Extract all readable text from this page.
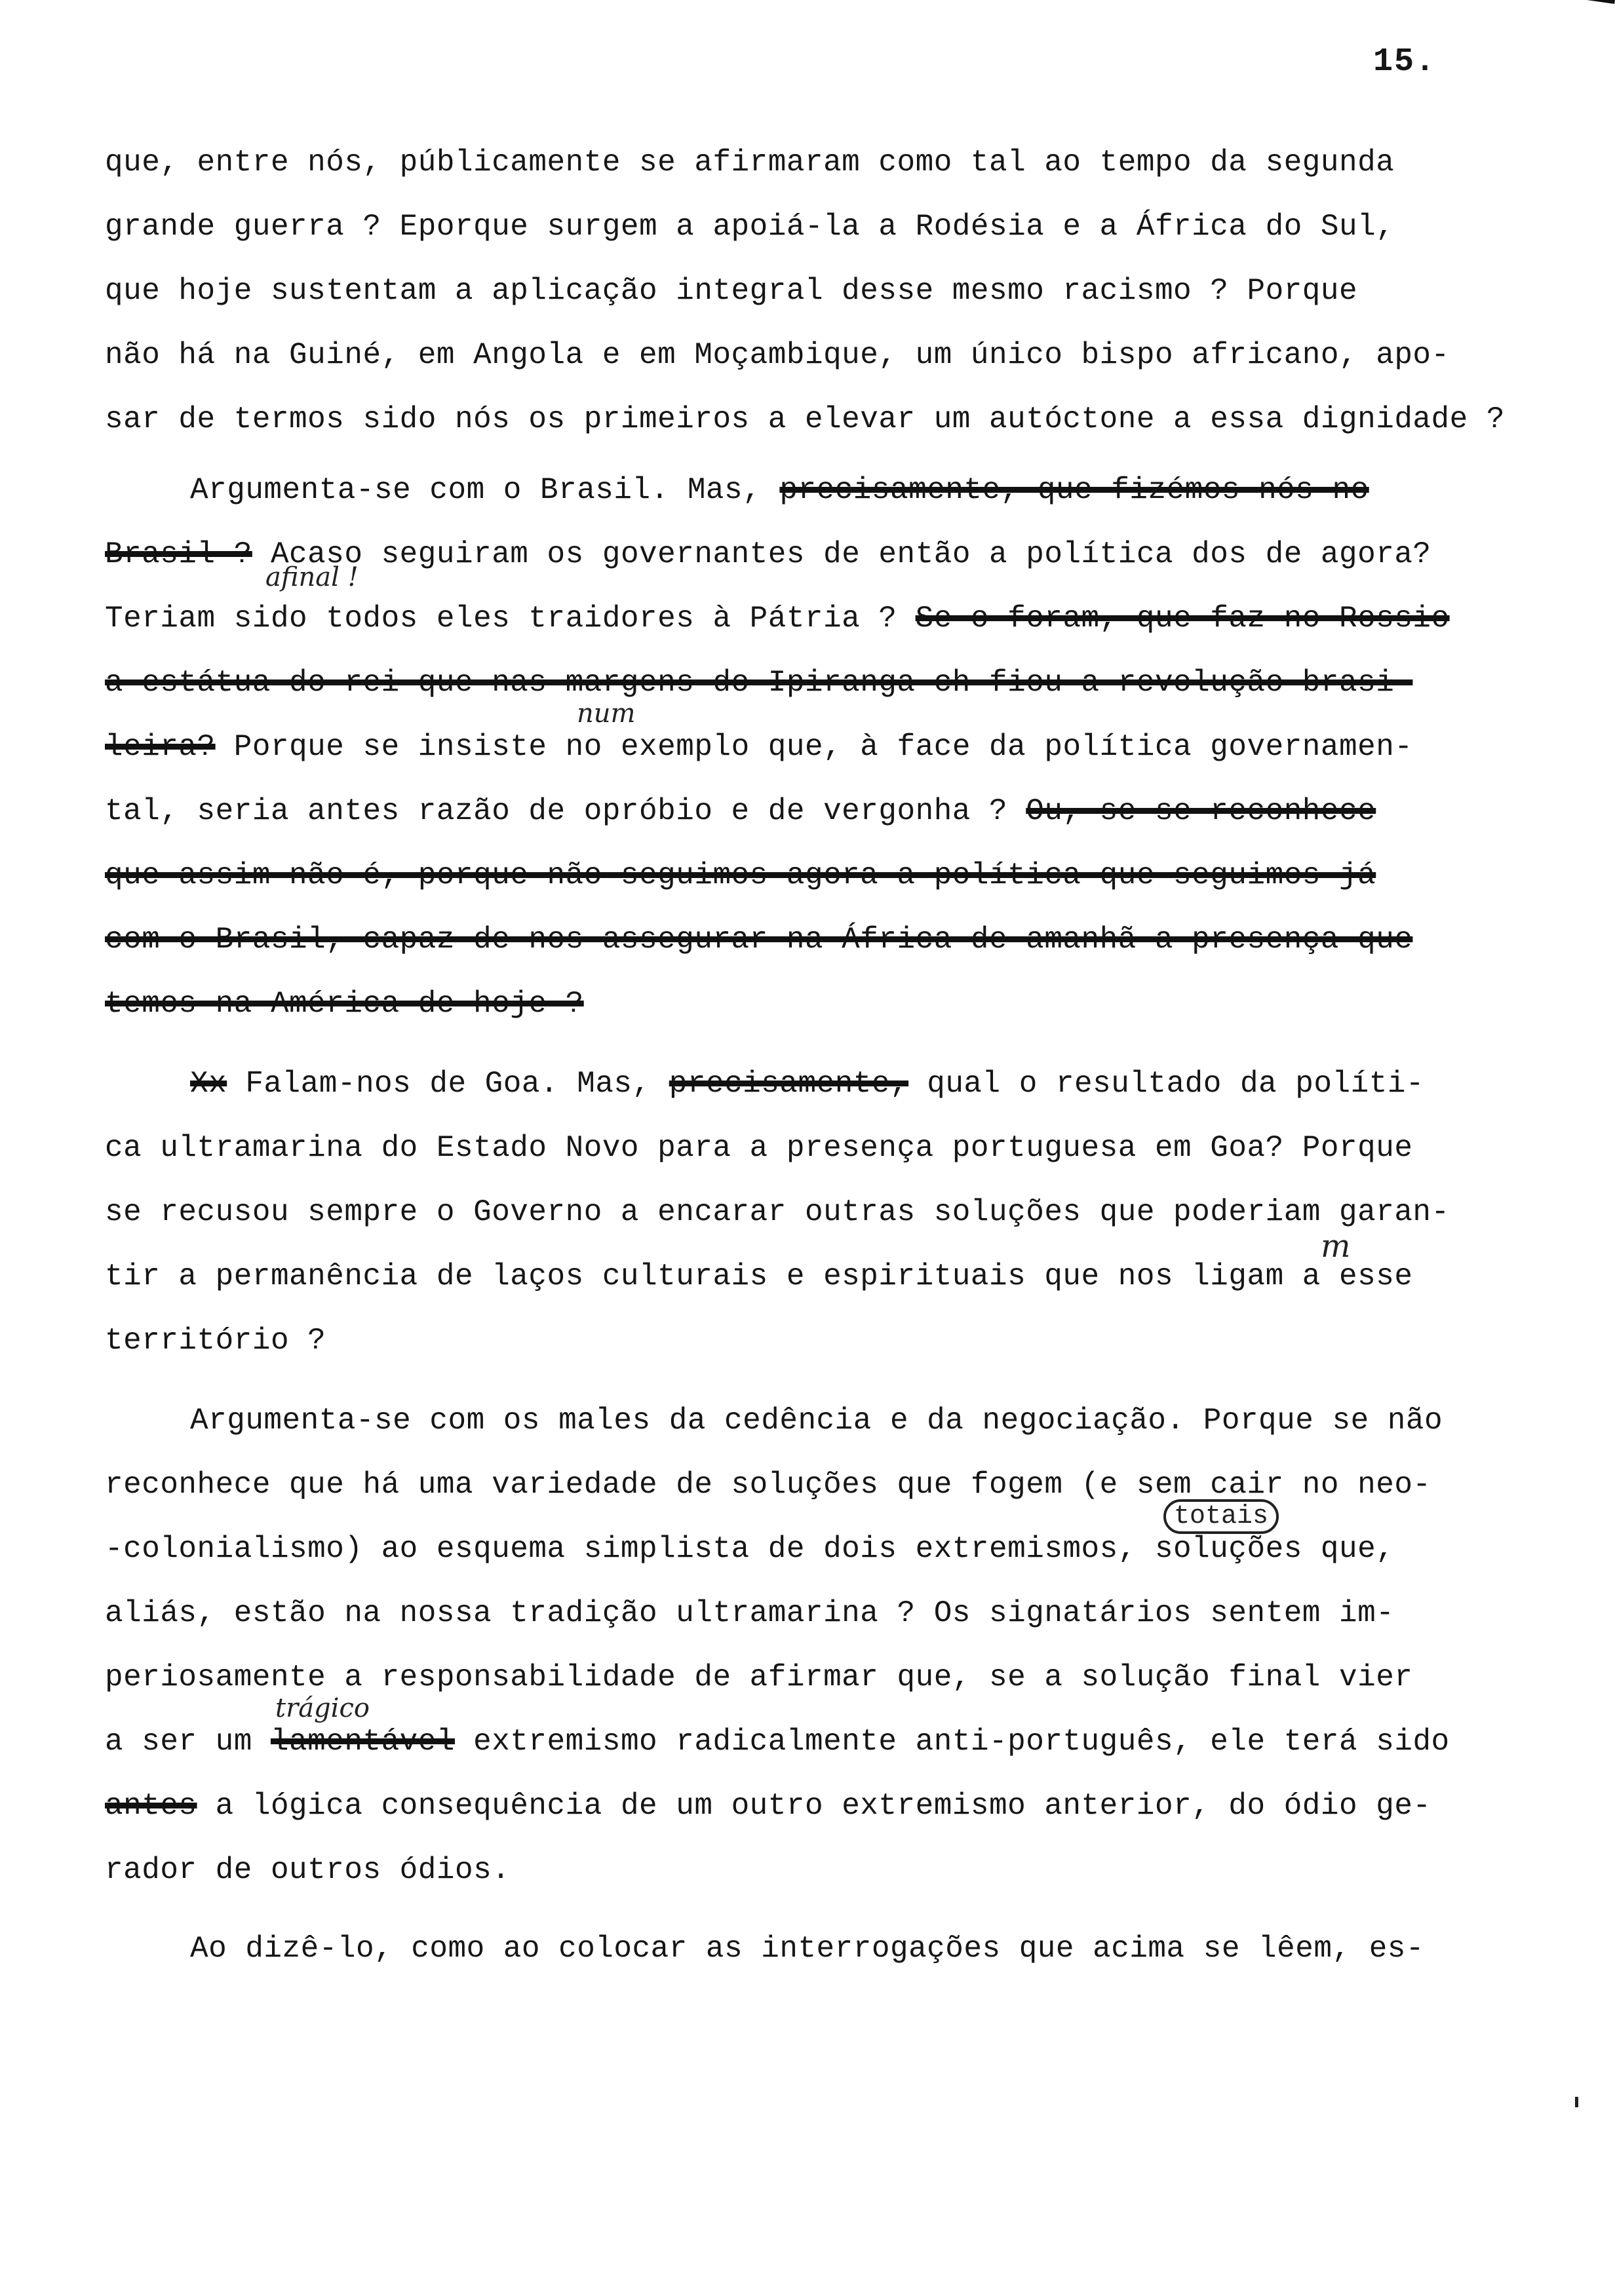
15.
que, entre nós, públicamente se afirmaram como tal ao tempo da segunda
grande guerra ? Eporque surgem a apoiá-la a Rodésia e a África do Sul,
que hoje sustentam a aplicação integral desse mesmo racismo ? Porque
não há na Guiné, em Angola e em Moçambique, um único bispo africano, apo-
sar de termos sido nós os primeiros a elevar um autóctone a essa dignidade ?
Argumenta-se com o Brasil. Mas, precisamente, que fizémos nós no
Brasil ? Acaso seguiram os governantes de então a política dos de agora?
afinal !
Teriam sido todos eles traidores à Pátria ? Se o foram, que faz no Rossio
a estátua do rei que nas margens do Ipiranga ch fiou a revolução brasi-
num
leira? Porque se insiste no exemplo que, à face da política governamen-
tal, seria antes razão de opróbio e de vergonha ? Ou, se se reconhece
que assim não é, porque não seguimos agora a política que seguimos já
com o Brasil, capaz de nos assegurar na África de amanhã a presença que
temos na América de hoje ?
Xx Falam-nos de Goa. Mas, precisamente, qual o resultado da políti-
ca ultramarina do Estado Novo para a presença portuguesa em Goa? Porque
se recusou sempre o Governo a encarar outras soluções que poderiam garan-
m
tir a permanência de laços culturais e espirituais que nos ligam a esse
território ?
Argumenta-se com os males da cedência e da negociação. Porque se não
reconhece que há uma variedade de soluções que fogem (e sem cair no neo-
totais
-colonialismo) ao esquema simplista de dois extremismos, soluções que,
aliás, estão na nossa tradição ultramarina ? Os signatários sentem im-
periosamente a responsabilidade de afirmar que, se a solução final vier
trágico
a ser um lamentável extremismo radicalmente anti-português, ele terá sido
antes a lógica consequência de um outro extremismo anterior, do ódio ge-
rador de outros ódios.
Ao dizê-lo, como ao colocar as interrogações que acima se lêem, es-
